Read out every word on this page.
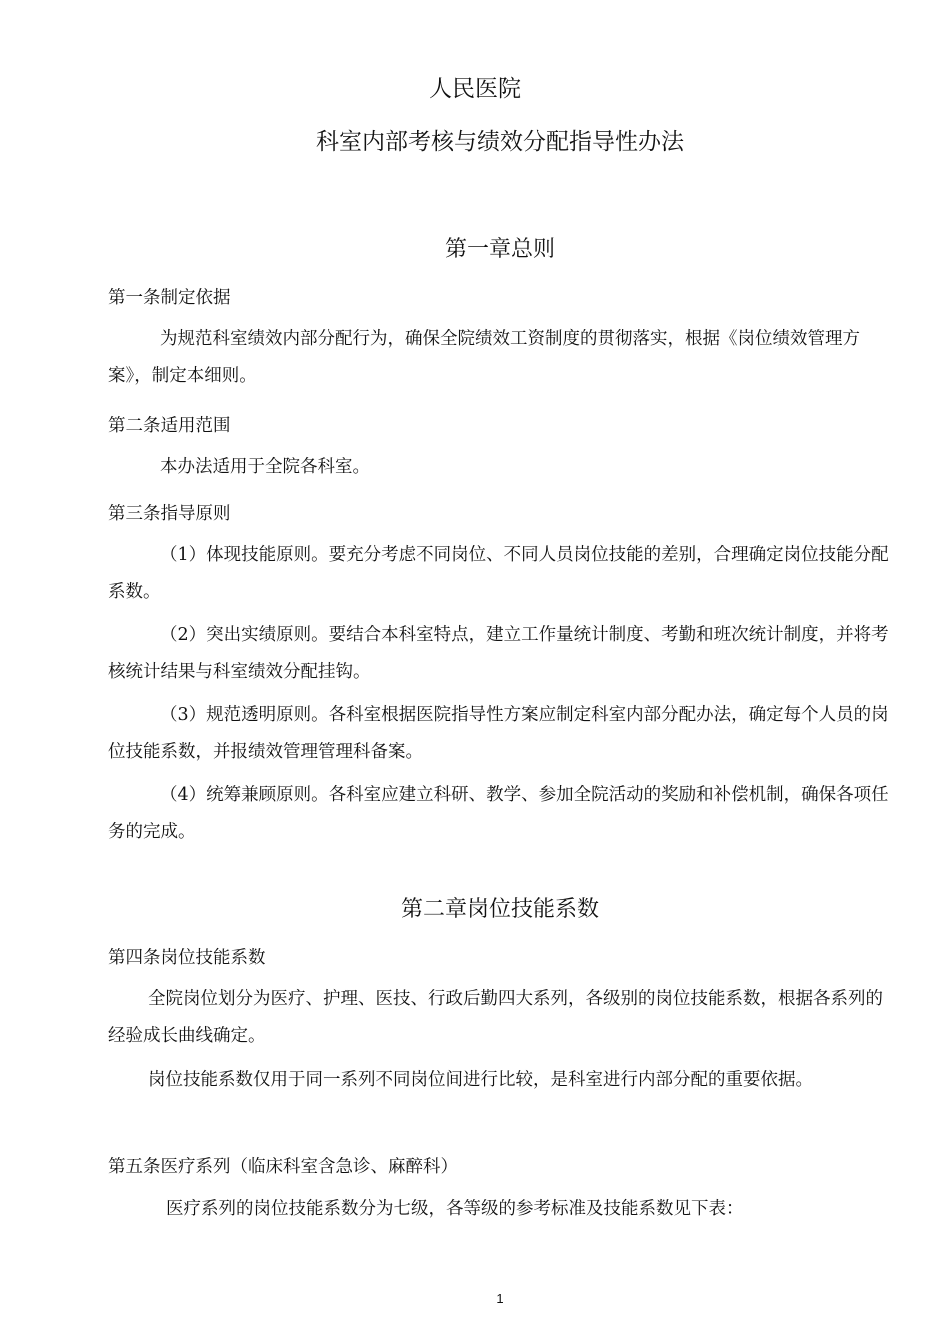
人民医院
科室内部考核与绩效分配指导性办法
第一章总则
第一条制定依据
为规范科室绩效内部分配行为，确保全院绩效工资制度的贯彻落实，根据《岗位绩效管理方案》，制定本细则。
第二条适用范围
本办法适用于全院各科室。
第三条指导原则
（1）体现技能原则。要充分考虑不同岗位、不同人员岗位技能的差别，合理确定岗位技能分配系数。
（2）突出实绩原则。要结合本科室特点，建立工作量统计制度、考勤和班次统计制度，并将考核统计结果与科室绩效分配挂钩。
（3）规范透明原则。各科室根据医院指导性方案应制定科室内部分配办法，确定每个人员的岗位技能系数，并报绩效管理管理科备案。
（4）统筹兼顾原则。各科室应建立科研、教学、参加全院活动的奖励和补偿机制，确保各项任务的完成。
第二章岗位技能系数
第四条岗位技能系数
全院岗位划分为医疗、护理、医技、行政后勤四大系列，各级别的岗位技能系数，根据各系列的经验成长曲线确定。
岗位技能系数仅用于同一系列不同岗位间进行比较，是科室进行内部分配的重要依据。
第五条医疗系列（临床科室含急诊、麻醉科）
医疗系列的岗位技能系数分为七级，各等级的参考标准及技能系数见下表：
1
